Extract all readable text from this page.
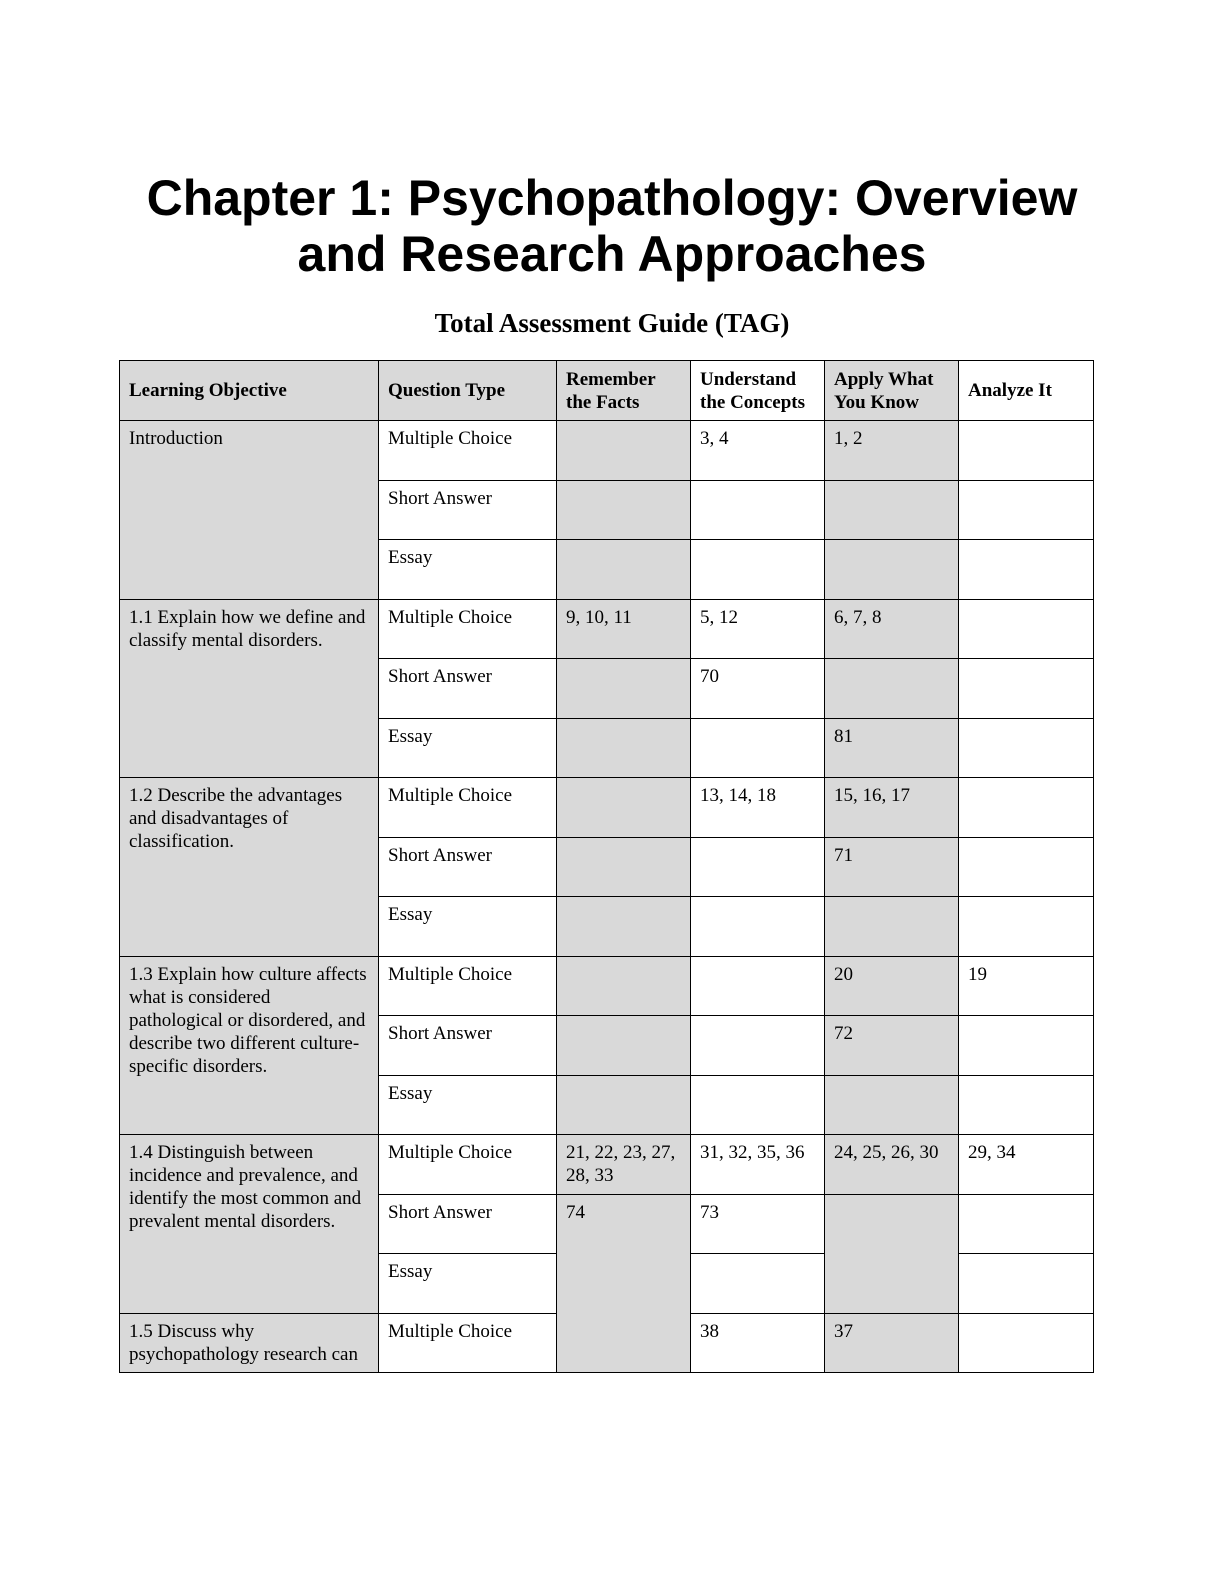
Chapter 1: Psychopathology: Overview
and Research Approaches
Total Assessment Guide (TAG)
Learning Objective	Question Type	Remember the Facts	Understand the Concepts	Apply What You Know	Analyze It
Introduction	Multiple Choice		3, 4	1, 2	
	Short Answer				
	Essay				
1.1 Explain how we define and classify mental disorders.	Multiple Choice	9, 10, 11	5, 12	6, 7, 8	
	Short Answer		70		
	Essay			81	
1.2 Describe the advantages and disadvantages of classification.	Multiple Choice		13, 14, 18	15, 16, 17	
	Short Answer			71	
	Essay				
1.3 Explain how culture affects what is considered pathological or disordered, and describe two different culture-specific disorders.	Multiple Choice			20	19
	Short Answer			72	
	Essay				
1.4 Distinguish between incidence and prevalence, and identify the most common and prevalent mental disorders.	Multiple Choice	21, 22, 23, 27, 28, 33	31, 32, 35, 36	24, 25, 26, 30	29, 34
	Short Answer	74	73		
	Essay				
1.5 Discuss why psychopathology research can	Multiple Choice		38	37	
